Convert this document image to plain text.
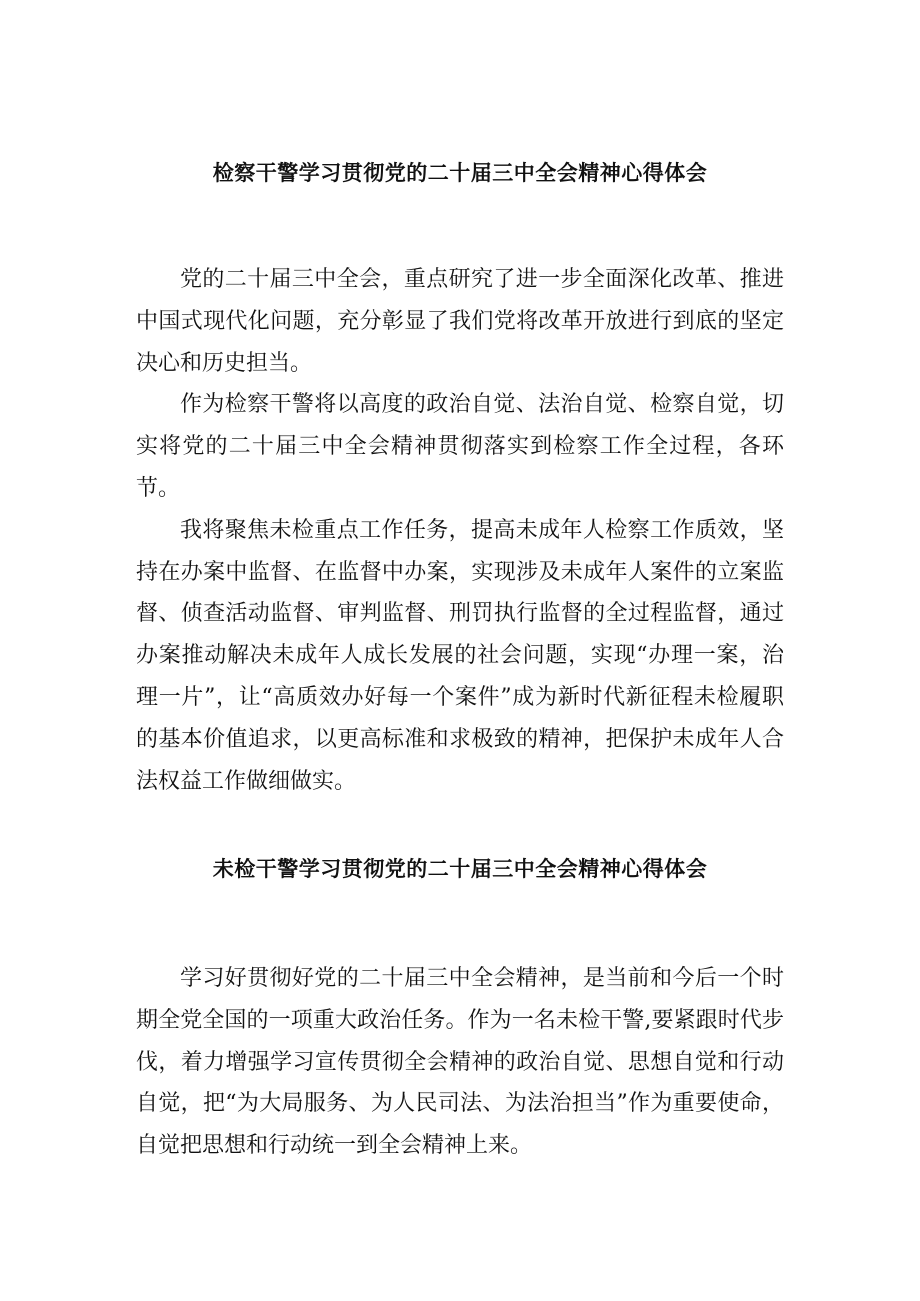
检察干警学习贯彻党的二十届三中全会精神心得体会

党的二十届三中全会，重点研究了进一步全面深化改革、推进中国式现代化问题，充分彰显了我们党将改革开放进行到底的坚定决心和历史担当。

作为检察干警将以高度的政治自觉、法治自觉、检察自觉，切实将党的二十届三中全会精神贯彻落实到检察工作全过程，各环节。

我将聚焦未检重点工作任务，提高未成年人检察工作质效，坚持在办案中监督、在监督中办案，实现涉及未成年人案件的立案监督、侦查活动监督、审判监督、刑罚执行监督的全过程监督，通过办案推动解决未成年人成长发展的社会问题，实现“办理一案，治理一片”，让“高质效办好每一个案件”成为新时代新征程未检履职的基本价值追求，以更高标准和求极致的精神，把保护未成年人合法权益工作做细做实。

未检干警学习贯彻党的二十届三中全会精神心得体会

学习好贯彻好党的二十届三中全会精神，是当前和今后一个时期全党全国的一项重大政治任务。作为一名未检干警,要紧跟时代步伐，着力增强学习宣传贯彻全会精神的政治自觉、思想自觉和行动自觉，把“为大局服务、为人民司法、为法治担当”作为重要使命，自觉把思想和行动统一到全会精神上来。
